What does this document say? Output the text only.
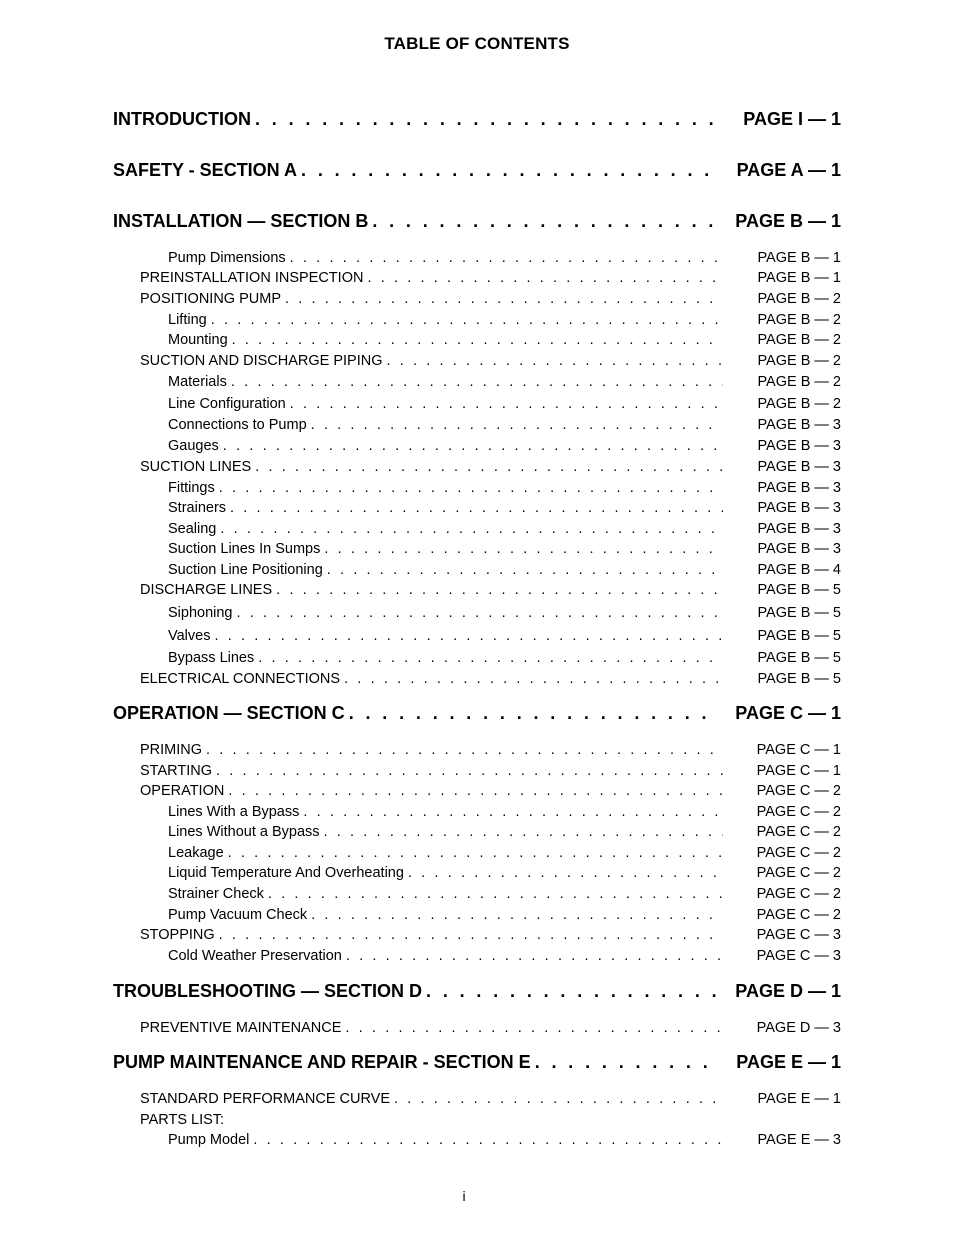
TABLE OF CONTENTS
INTRODUCTION . . .	PAGE I — 1
SAFETY - SECTION A . . .	PAGE A — 1
INSTALLATION — SECTION B . . .	PAGE B — 1
Pump Dimensions . . .	PAGE B — 1
PREINSTALLATION INSPECTION . . .	PAGE B — 1
POSITIONING PUMP . . .	PAGE B — 2
Lifting . . .	PAGE B — 2
Mounting . . .	PAGE B — 2
SUCTION AND DISCHARGE PIPING . . .	PAGE B — 2
Materials . . .	PAGE B — 2
Line Configuration . . .	PAGE B — 2
Connections to Pump . . .	PAGE B — 3
Gauges . . .	PAGE B — 3
SUCTION LINES . . .	PAGE B — 3
Fittings . . .	PAGE B — 3
Strainers . . .	PAGE B — 3
Sealing . . .	PAGE B — 3
Suction Lines In Sumps . . .	PAGE B — 3
Suction Line Positioning . . .	PAGE B — 4
DISCHARGE LINES . . .	PAGE B — 5
Siphoning . . .	PAGE B — 5
Valves . . .	PAGE B — 5
Bypass Lines . . .	PAGE B — 5
ELECTRICAL CONNECTIONS . . .	PAGE B — 5
OPERATION — SECTION C . . .	PAGE C — 1
PRIMING . . .	PAGE C — 1
STARTING . . .	PAGE C — 1
OPERATION . . .	PAGE C — 2
Lines With a Bypass . . .	PAGE C — 2
Lines Without a Bypass . . .	PAGE C — 2
Leakage . . .	PAGE C — 2
Liquid Temperature And Overheating . . .	PAGE C — 2
Strainer Check . . .	PAGE C — 2
Pump Vacuum Check . . .	PAGE C — 2
STOPPING . . .	PAGE C — 3
Cold Weather Preservation . . .	PAGE C — 3
TROUBLESHOOTING — SECTION D . . .	PAGE D — 1
PREVENTIVE MAINTENANCE . . .	PAGE D — 3
PUMP MAINTENANCE AND REPAIR - SECTION E . . .	PAGE E — 1
STANDARD PERFORMANCE CURVE . . .	PAGE E — 1
PARTS LIST:
Pump Model . . .	PAGE E — 3
i
